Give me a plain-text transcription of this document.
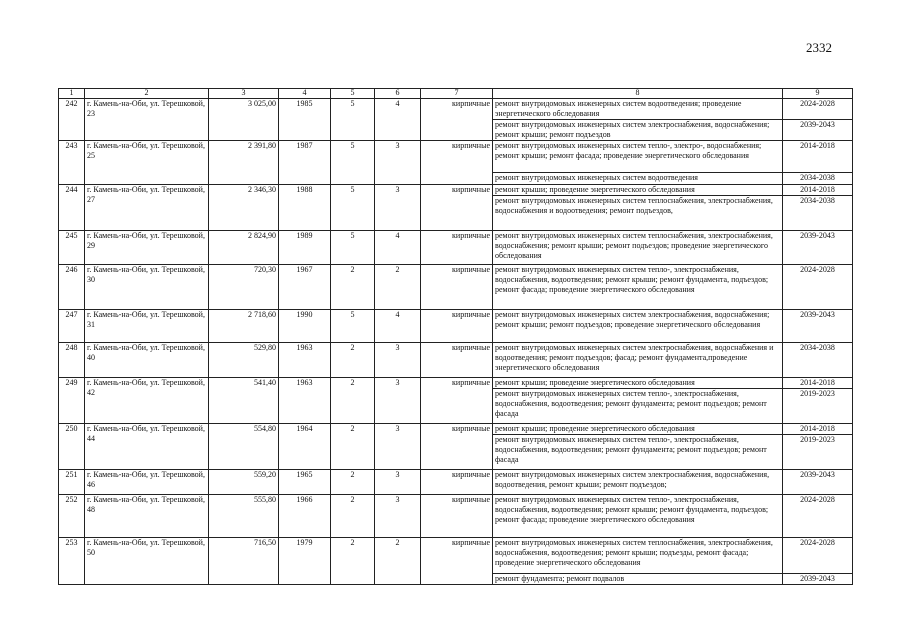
2332
1	2	3	4	5	6	7	8	9
242	г. Камень-на-Оби, ул. Терешковой, 23	3 025,00	1985	5	4	кирпичные	ремонт внутридомовых инженерных систем водоотведения; проведение энергетического обследования	2024-2028
							ремонт внутридомовых инженерных систем электроснабжения, водоснабжения; ремонт крыши; ремонт подъездов	2039-2043
243	г. Камень-на-Оби, ул. Терешковой, 25	2 391,80	1987	5	3	кирпичные	ремонт внутридомовых инженерных систем тепло-, электро-, водоснабжения; ремонт крыши; ремонт фасада; проведение энергетического обследования	2014-2018
							ремонт внутридомовых инженерных систем водоотведения	2034-2038
244	г. Камень-на-Оби, ул. Терешковой, 27	2 346,30	1988	5	3	кирпичные	ремонт крыши; проведение энергетического обследования	2014-2018
							ремонт внутридомовых инженерных систем теплоснабжения, электроснабжения, водоснабжения и водоотведения; ремонт подъездов,	2034-2038
245	г. Камень-на-Оби, ул. Терешковой, 29	2 824,90	1989	5	4	кирпичные	ремонт внутридомовых инженерных систем теплоснабжения, электроснабжения, водоснабжения; ремонт крыши; ремонт подъездов; проведение энергетического обследования	2039-2043
246	г. Камень-на-Оби, ул. Терешковой, 30	720,30	1967	2	2	кирпичные	ремонт внутридомовых инженерных систем тепло-, электроснабжения, водоснабжения, водоотведения; ремонт крыши; ремонт фундамента, подъездов; ремонт фасада; проведение энергетического обследования	2024-2028
247	г. Камень-на-Оби, ул. Терешковой, 31	2 718,60	1990	5	4	кирпичные	ремонт внутридомовых инженерных систем электроснабжения, водоснабжения; ремонт крыши; ремонт подъездов; проведение энергетического обследования	2039-2043
248	г. Камень-на-Оби, ул. Терешковой, 40	529,80	1963	2	3	кирпичные	ремонт внутридомовых инженерных систем электроснабжения, водоснабжения и водоотведения; ремонт подъездов; фасад; ремонт фундамента,проведение энергетического обследования	2034-2038
249	г. Камень-на-Оби, ул. Терешковой, 42	541,40	1963	2	3	кирпичные	ремонт крыши; проведение энергетического обследования	2014-2018
							ремонт внутридомовых инженерных систем тепло-, электроснабжения, водоснабжения, водоотведения; ремонт фундамента; ремонт подъездов; ремонт фасада	2019-2023
250	г. Камень-на-Оби, ул. Терешковой, 44	554,80	1964	2	3	кирпичные	ремонт крыши; проведение энергетического обследования	2014-2018
							ремонт внутридомовых инженерных систем тепло-, электроснабжения, водоснабжения, водоотведения; ремонт фундамента; ремонт подъездов; ремонт фасада	2019-2023
251	г. Камень-на-Оби, ул. Терешковой, 46	559,20	1965	2	3	кирпичные	ремонт внутридомовых инженерных систем электроснабжения, водоснабжения, водоотведения, ремонт крыши; ремонт подъездов;	2039-2043
252	г. Камень-на-Оби, ул. Терешковой, 48	555,80	1966	2	3	кирпичные	ремонт внутридомовых инженерных систем тепло-, электроснабжения, водоснабжения, водоотведения; ремонт крыши; ремонт фундамента, подъездов; ремонт фасада; проведение энергетического обследования	2024-2028
253	г. Камень-на-Оби, ул. Терешковой, 50	716,50	1979	2	2	кирпичные	ремонт внутридомовых инженерных систем теплоснабжения, электроснабжения, водоснабжения, водоотведения; ремонт крыши; подъезды, ремонт фасада; проведение энергетического обследования	2024-2028
							ремонт фундамента; ремонт подвалов	2039-2043
